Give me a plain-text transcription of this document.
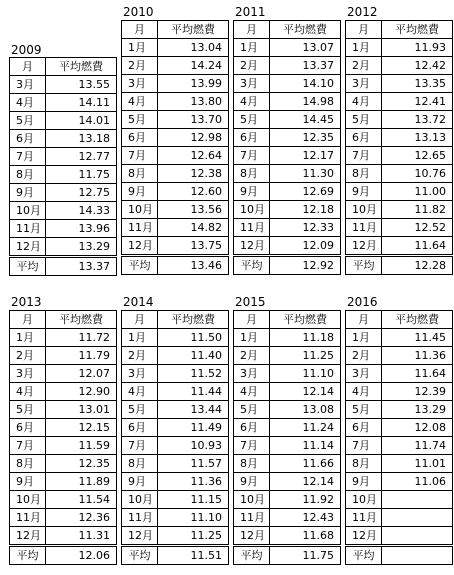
2009
月	平均燃費
3月	13.55
4月	14.11
5月	14.01
6月	13.18
7月	12.77
8月	11.75
9月	12.75
10月	14.33
11月	13.96
12月	13.29
平均	13.37
2010
月	平均燃費
1月	13.04
2月	14.24
3月	13.99
4月	13.80
5月	13.70
6月	12.98
7月	12.64
8月	12.38
9月	12.60
10月	13.56
11月	14.82
12月	13.75
平均	13.46
2011
月	平均燃費
1月	13.07
2月	13.37
3月	14.10
4月	14.98
5月	14.45
6月	12.35
7月	12.17
8月	11.30
9月	12.69
10月	12.18
11月	12.33
12月	12.09
平均	12.92
2012
月	平均燃費
1月	11.93
2月	12.42
3月	13.35
4月	12.41
5月	13.72
6月	13.13
7月	12.65
8月	10.76
9月	11.00
10月	11.82
11月	12.52
12月	11.64
平均	12.28
2013
月	平均燃費
1月	11.72
2月	11.79
3月	12.07
4月	12.90
5月	13.01
6月	12.15
7月	11.59
8月	12.35
9月	11.89
10月	11.54
11月	12.36
12月	11.31
平均	12.06
2014
月	平均燃費
1月	11.50
2月	11.40
3月	11.52
4月	11.44
5月	13.44
6月	11.49
7月	10.93
8月	11.57
9月	11.36
10月	11.15
11月	11.10
12月	11.25
平均	11.51
2015
月	平均燃費
1月	11.18
2月	11.25
3月	11.10
4月	12.14
5月	13.08
6月	11.24
7月	11.14
8月	11.66
9月	12.14
10月	11.92
11月	12.43
12月	11.68
平均	11.75
2016
月	平均燃費
1月	11.45
2月	11.36
3月	11.64
4月	12.39
5月	13.29
6月	12.08
7月	11.74
8月	11.01
9月	11.06
10月	
11月	
12月	
平均	
